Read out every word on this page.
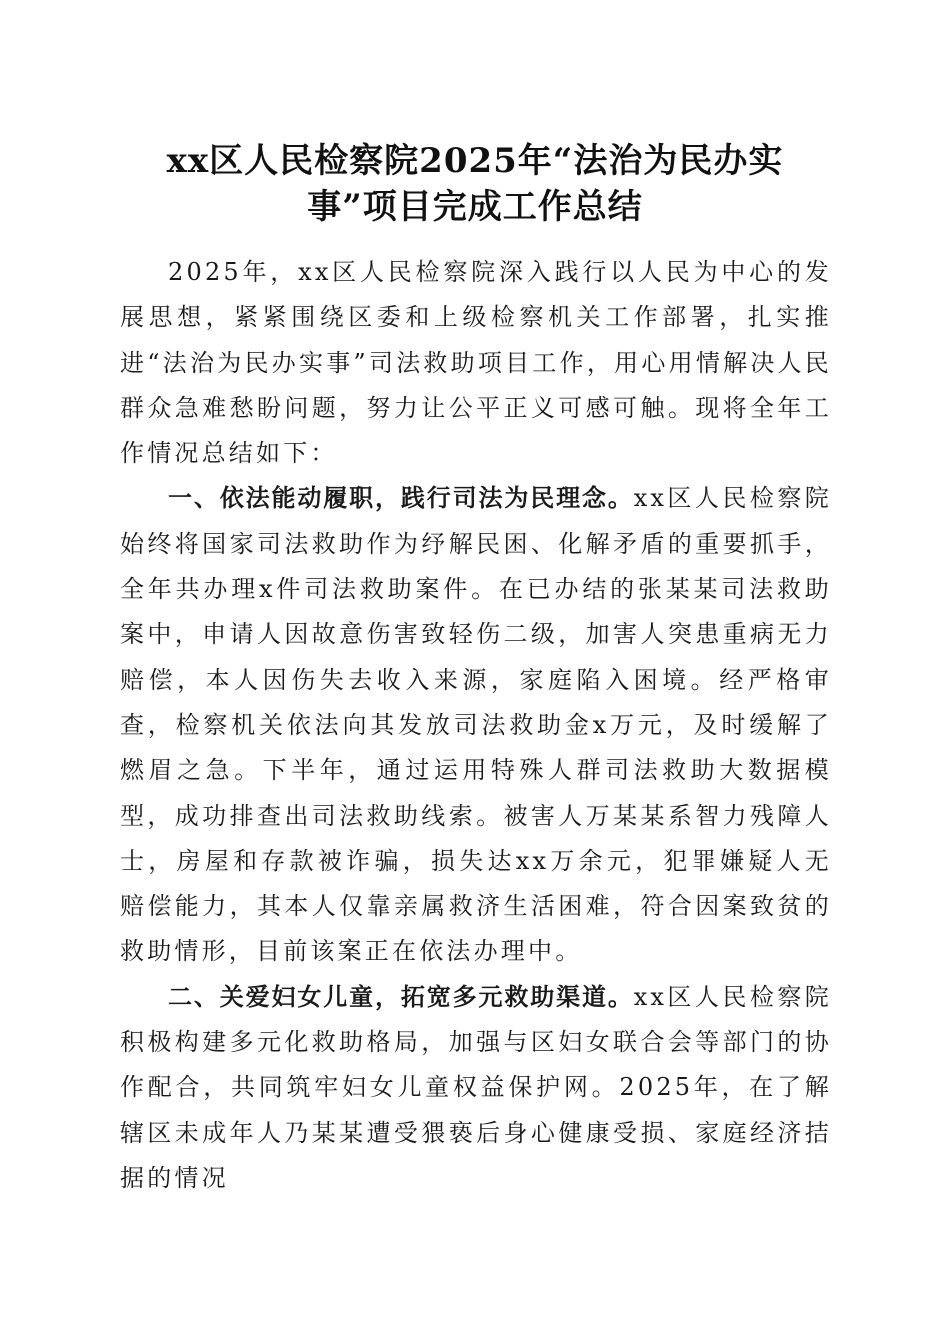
xx区人民检察院2025年“法治为民办实
事”项目完成工作总结

2025年，xx区人民检察院深入践行以人民为中心的发展思想，紧紧围绕区委和上级检察机关工作部署，扎实推进“法治为民办实事”司法救助项目工作，用心用情解决人民群众急难愁盼问题，努力让公平正义可感可触。现将全年工作情况总结如下：

一、依法能动履职，践行司法为民理念。xx区人民检察院始终将国家司法救助作为纾解民困、化解矛盾的重要抓手，全年共办理x件司法救助案件。在已办结的张某某司法救助案中，申请人因故意伤害致轻伤二级，加害人突患重病无力赔偿，本人因伤失去收入来源，家庭陷入困境。经严格审查，检察机关依法向其发放司法救助金x万元，及时缓解了燃眉之急。下半年，通过运用特殊人群司法救助大数据模型，成功排查出司法救助线索。被害人万某某系智力残障人士，房屋和存款被诈骗，损失达xx万余元，犯罪嫌疑人无赔偿能力，其本人仅靠亲属救济生活困难，符合因案致贫的救助情形，目前该案正在依法办理中。

二、关爱妇女儿童，拓宽多元救助渠道。xx区人民检察院积极构建多元化救助格局，加强与区妇女联合会等部门的协作配合，共同筑牢妇女儿童权益保护网。2025年，在了解辖区未成年人乃某某遭受猥亵后身心健康受损、家庭经济拮据的情况
